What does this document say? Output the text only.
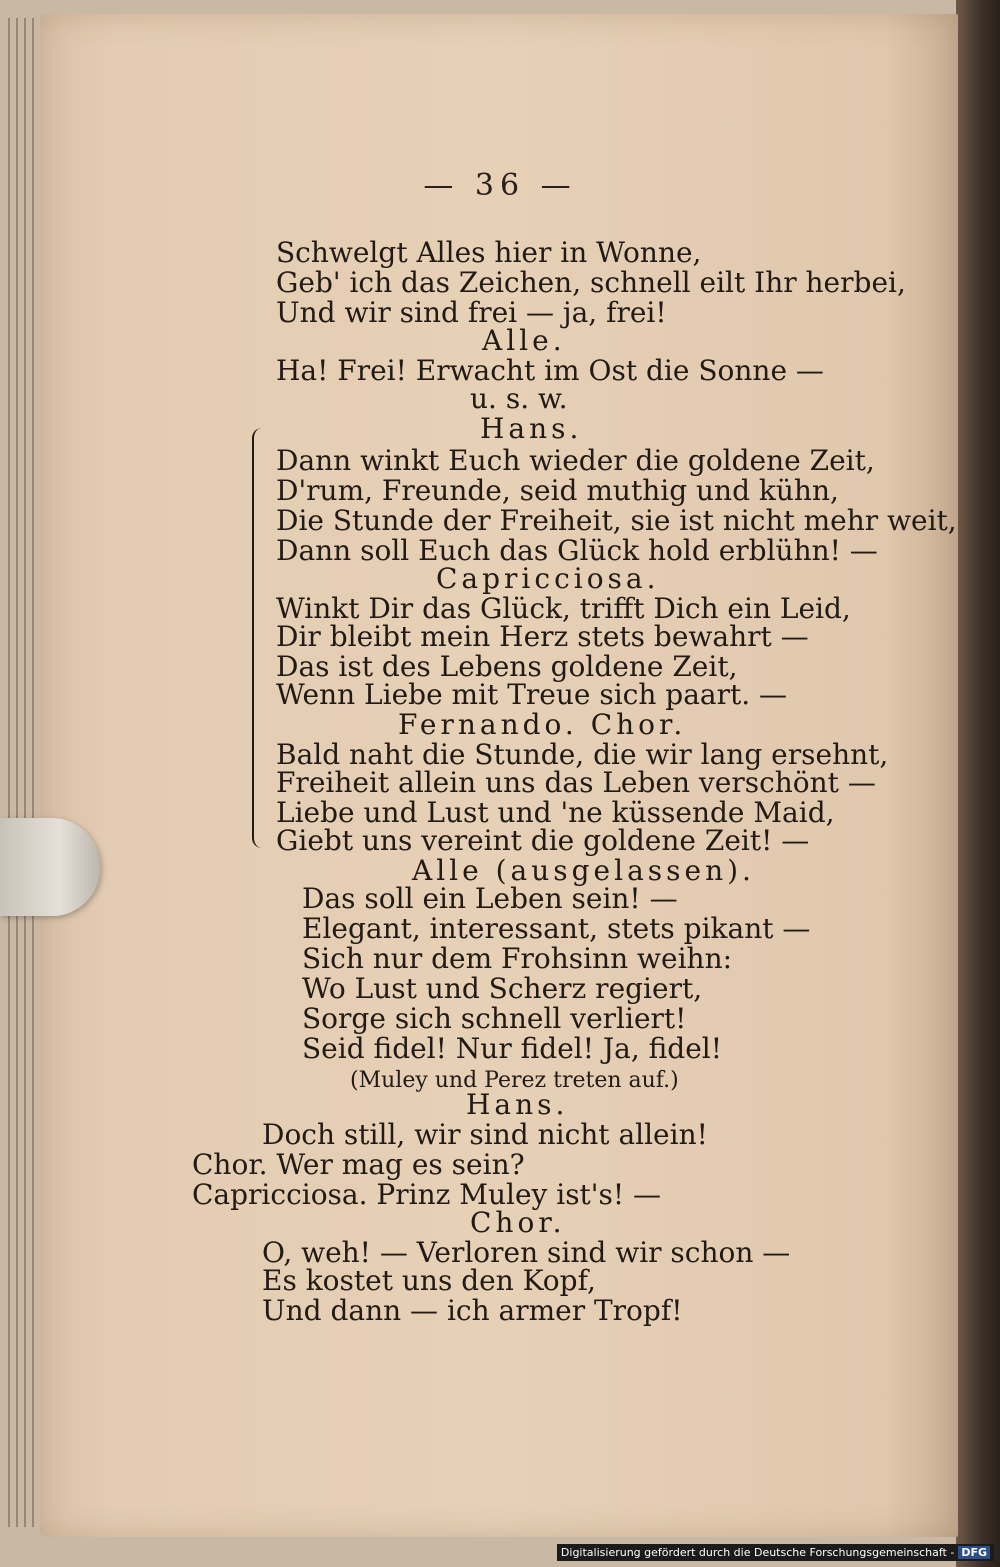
— 36 —
Schwelgt Alles hier in Wonne,
Geb' ich das Zeichen, schnell eilt Ihr herbei,
Und wir sind frei — ja, frei!
Alle.
Ha! Frei! Erwacht im Ost die Sonne —
u. s. w.
Hans.
Dann winkt Euch wieder die goldene Zeit,
D'rum, Freunde, seid muthig und kühn,
Die Stunde der Freiheit, sie ist nicht mehr weit,
Dann soll Euch das Glück hold erblühn! —
Capricciosa.
Winkt Dir das Glück, trifft Dich ein Leid,
Dir bleibt mein Herz stets bewahrt —
Das ist des Lebens goldene Zeit,
Wenn Liebe mit Treue sich paart. —
Fernando. Chor.
Bald naht die Stunde, die wir lang ersehnt,
Freiheit allein uns das Leben verschönt —
Liebe und Lust und 'ne küssende Maid,
Giebt uns vereint die goldene Zeit! —
Alle (ausgelassen).
Das soll ein Leben sein! —
Elegant, interessant, stets pikant —
Sich nur dem Frohsinn weihn:
Wo Lust und Scherz regiert,
Sorge sich schnell verliert!
Seid fidel! Nur fidel! Ja, fidel!
(Muley und Perez treten auf.)
Hans.
Doch still, wir sind nicht allein!
Chor. Wer mag es sein?
Capricciosa. Prinz Muley ist's! —
Chor.
O, weh! — Verloren sind wir schon —
Es kostet uns den Kopf,
Und dann — ich armer Tropf!
Digitalisierung gefördert durch die Deutsche Forschungsgemeinschaft - DFG
